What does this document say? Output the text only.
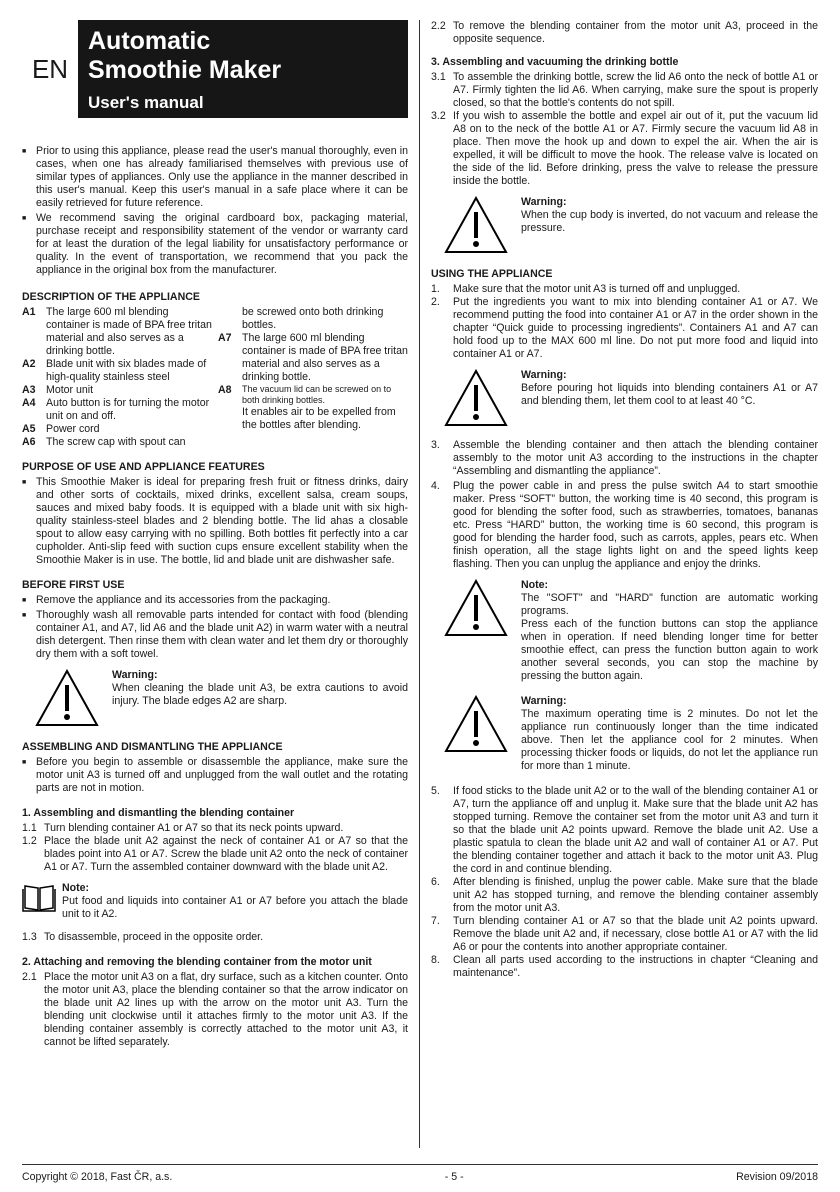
EN
Automatic
Smoothie Maker
User's manual
■ Prior to using this appliance, please read the user's manual thoroughly, even in cases, when one has already familiarised themselves with previous use of similar types of appliances. Only use the appliance in the manner described in this user's manual. Keep this user's manual in a safe place where it can be easily retrieved for future reference.
■ We recommend saving the original cardboard box, packaging material, purchase receipt and responsibility statement of the vendor or warranty card for at least the duration of the legal liability for unsatisfactory performance or quality. In the event of transportation, we recommend that you pack the appliance in the original box from the manufacturer.
DESCRIPTION OF THE APPLIANCE
A1 The large 600 ml blending container is made of BPA free tritan material and also serves as a drinking bottle.
A2 Blade unit with six blades made of high-quality stainless steel
A3 Motor unit
A4 Auto button is for turning the motor unit on and off.
A5 Power cord
A6 The screw cap with spout can
be screwed onto both drinking bottles.
A7 The large 600 ml blending container is made of BPA free tritan material and also serves as a drinking bottle.
A8	The vacuum lid can be screwed on to both drinking bottles.
It enables air to be expelled from the bottles after blending.
PURPOSE OF USE AND APPLIANCE FEATURES
■ This Smoothie Maker is ideal for preparing fresh fruit or fitness drinks, dairy and other sorts of cocktails, mixed drinks, excellent salsa, cream soups, sauces and mixed baby foods. It is equipped with a blade unit with six high-quality stainless-steel blades and 2 blending bottle. The lid ahas a closable spout to allow easy carrying with no spilling. Both bottles fit perfectly into a car cupholder. Anti-slip feed with suction cups ensure excellent stability when the Smoothie Maker is in use. The bottle, lid and blade unit are dishwasher safe.
BEFORE FIRST USE
■ Remove the appliance and its accessories from the packaging.
■ Thoroughly wash all removable parts intended for contact with food (blending container A1, and A7, lid A6 and the blade unit A2) in warm water with a neutral dish detergent. Then rinse them with clean water and let them dry or thoroughly dry them with a soft towel.
Warning:

When cleaning the blade unit A3, be extra cautions to avoid injury. The blade edges A2 are sharp.

ASSEMBLING AND DISMANTLING THE APPLIANCE
■ Before you begin to assemble or disassemble the appliance, make sure the motor unit A3 is turned off and unplugged from the wall outlet and the rotating parts are not in motion.
1. Assembling and dismantling the blending container
1.1 Turn blending container A1 or A7 so that its neck points upward.
1.2 Place the blade unit A2 against the neck of container A1 or A7 so that the blades point into A1 or A7. Screw the blade unit A2 onto the neck of container A1 or A7. Turn the assembled container downward with the blade unit A2.
Note:

Put food and liquids into container A1 or A7 before you attach the blade unit to it A2.

1.3 To disassemble, proceed in the opposite order.
2. Attaching and removing the blending container from the motor unit
2.1 Place the motor unit A3 on a flat, dry surface, such as a kitchen counter. Onto the motor unit A3, place the blending container so that the arrow indicator on the blade unit A2 lines up with the arrow on the motor unit A3. Turn the blending unit clockwise until it attaches firmly to the motor unit A3. If the blending container assembly is correctly attached to the motor unit A3, it cannot be lifted separately.
2.2 To remove the blending container from the motor unit A3, proceed in the opposite sequence.
3. Assembling and vacuuming the drinking bottle
3.1 To assemble the drinking bottle, screw the lid A6 onto the neck of bottle A1 or A7. Firmly tighten the lid A6. When carrying, make sure the spout is properly closed, so that the bottle's contents do not spill.
3.2 If you wish to assemble the bottle and expel air out of it, put the vacuum lid A8 on to the neck of the bottle A1 or A7. Firmly secure the vacuum lid A8 in place. Then move the hook up and down to expel the air. When the air is expelled, it will be difficult to move the hook. The release valve is located on the side of the lid. Before drinking, press the valve to release the pressure inside the bottle.
Warning:

When the cup body is inverted, do not vacuum and release the pressure.

USING THE APPLIANCE
1.	Make sure that the motor unit A3 is turned off and unplugged.
2.	Put the ingredients you want to mix into blending container A1 or A7. We recommend putting the food into container A1 or A7 in the order shown in the chapter “Quick guide to processing ingredients”. Containers A1 and A7 can hold food up to the MAX 600 ml line. Do not put more food and liquid into container A1 or A7.
Warning:

Before pouring hot liquids into blending containers A1 or A7 and blending them, let them cool to at least 40 °C.

3.	Assemble the blending container and then attach the blending container assembly to the motor unit A3 according to the instructions in the chapter “Assembling and dismantling the appliance”.
4.	Plug the power cable in and press the pulse switch A4 to start smoothie maker. Press “SOFT” button, the working time is 40 second, this program is good for blending the softer food, such as strawberries, tomatoes, bananas etc. Press “HARD” button, the working time is 60 second, this program is good for blending the harder food, such as carrots, apples, pears etc. When finish operation, all the stage lights light on and the speed lights keep flashing. Then you can unplug the appliance and enjoy the drinks.
Note:

The "SOFT" and "HARD" function are automatic working programs.

Press each of the function buttons can stop the appliance when in operation. If need blending longer time for better smoothie effect, can press the function button again to work another several seconds, you can stop the machine by pressing the button again.

Warning:

The maximum operating time is 2 minutes. Do not let the appliance run continuously longer than the time indicated above. Then let the appliance cool for 2 minutes. When processing thicker foods or liquids, do not let the appliance run for more than 1 minute.

5.	If food sticks to the blade unit A2 or to the wall of the blending container A1 or A7, turn the appliance off and unplug it. Make sure that the blade unit A2 has stopped turning. Remove the container set from the motor unit A3 and turn it so that the blade unit A2 points upward. Remove the blade unit A2. Use a plastic spatula to clean the blade unit A2 and wall of container A1 or A7. Put the blending container together and attach it back to the motor unit A3. Plug the cord in and continue blending.
6.	After blending is finished, unplug the power cable. Make sure that the blade unit A2 has stopped turning, and remove the blending container assembly from the motor unit A3.
7.	Turn blending container A1 or A7 so that the blade unit A2 points upward. Remove the blade unit A2 and, if necessary, close bottle A1 or A7 with the lid A6 or pour the contents into another appropriate container.
8.	Clean all parts used according to the instructions in chapter “Cleaning and maintenance”.
Copyright © 2018, Fast ČR, a.s.	- 5 -	Revision 09/2018
